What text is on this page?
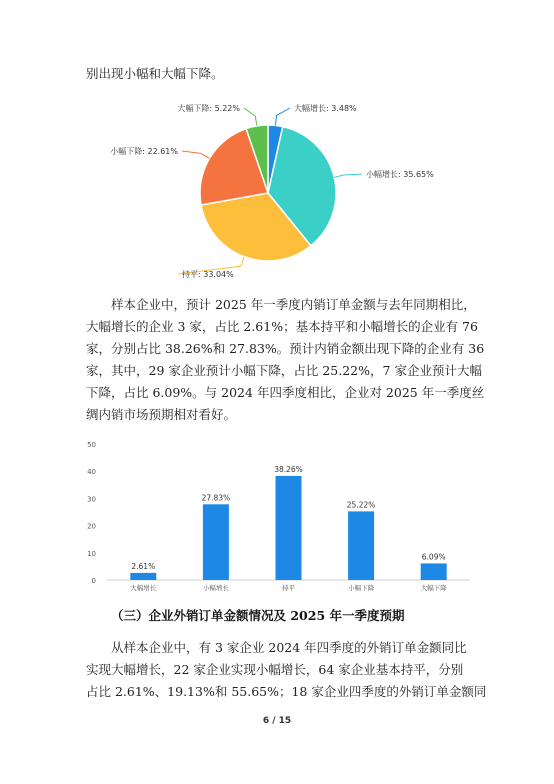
别出现小幅和大幅下降。
大幅增长: 3.48%
小幅增长: 35.65%
持平: 33.04%
小幅下降: 22.61%
大幅下降: 5.22%
样本企业中，预计 2025 年一季度内销订单金额与去年同期相比，
大幅增长的企业 3 家，占比 2.61%；基本持平和小幅增长的企业有 76
家，分别占比 38.26%和 27.83%。预计内销金额出现下降的企业有 36
家，其中，29 家企业预计小幅下降，占比 25.22%，7 家企业预计大幅
下降，占比 6.09%。与 2024 年四季度相比，企业对 2025 年一季度丝
绸内销市场预期相对看好。
0
10
20
30
40
50
2.61%
27.83%
38.26%
25.22%
6.09%
大幅增长	小幅增长	持平	小幅下降	大幅下降
（三）企业外销订单金额情况及 2025 年一季度预期
从样本企业中，有 3 家企业 2024 年四季度的外销订单金额同比
实现大幅增长，22 家企业实现小幅增长，64 家企业基本持平，分别
占比 2.61%、19.13%和 55.65%；18 家企业四季度的外销订单金额同
6 / 15
